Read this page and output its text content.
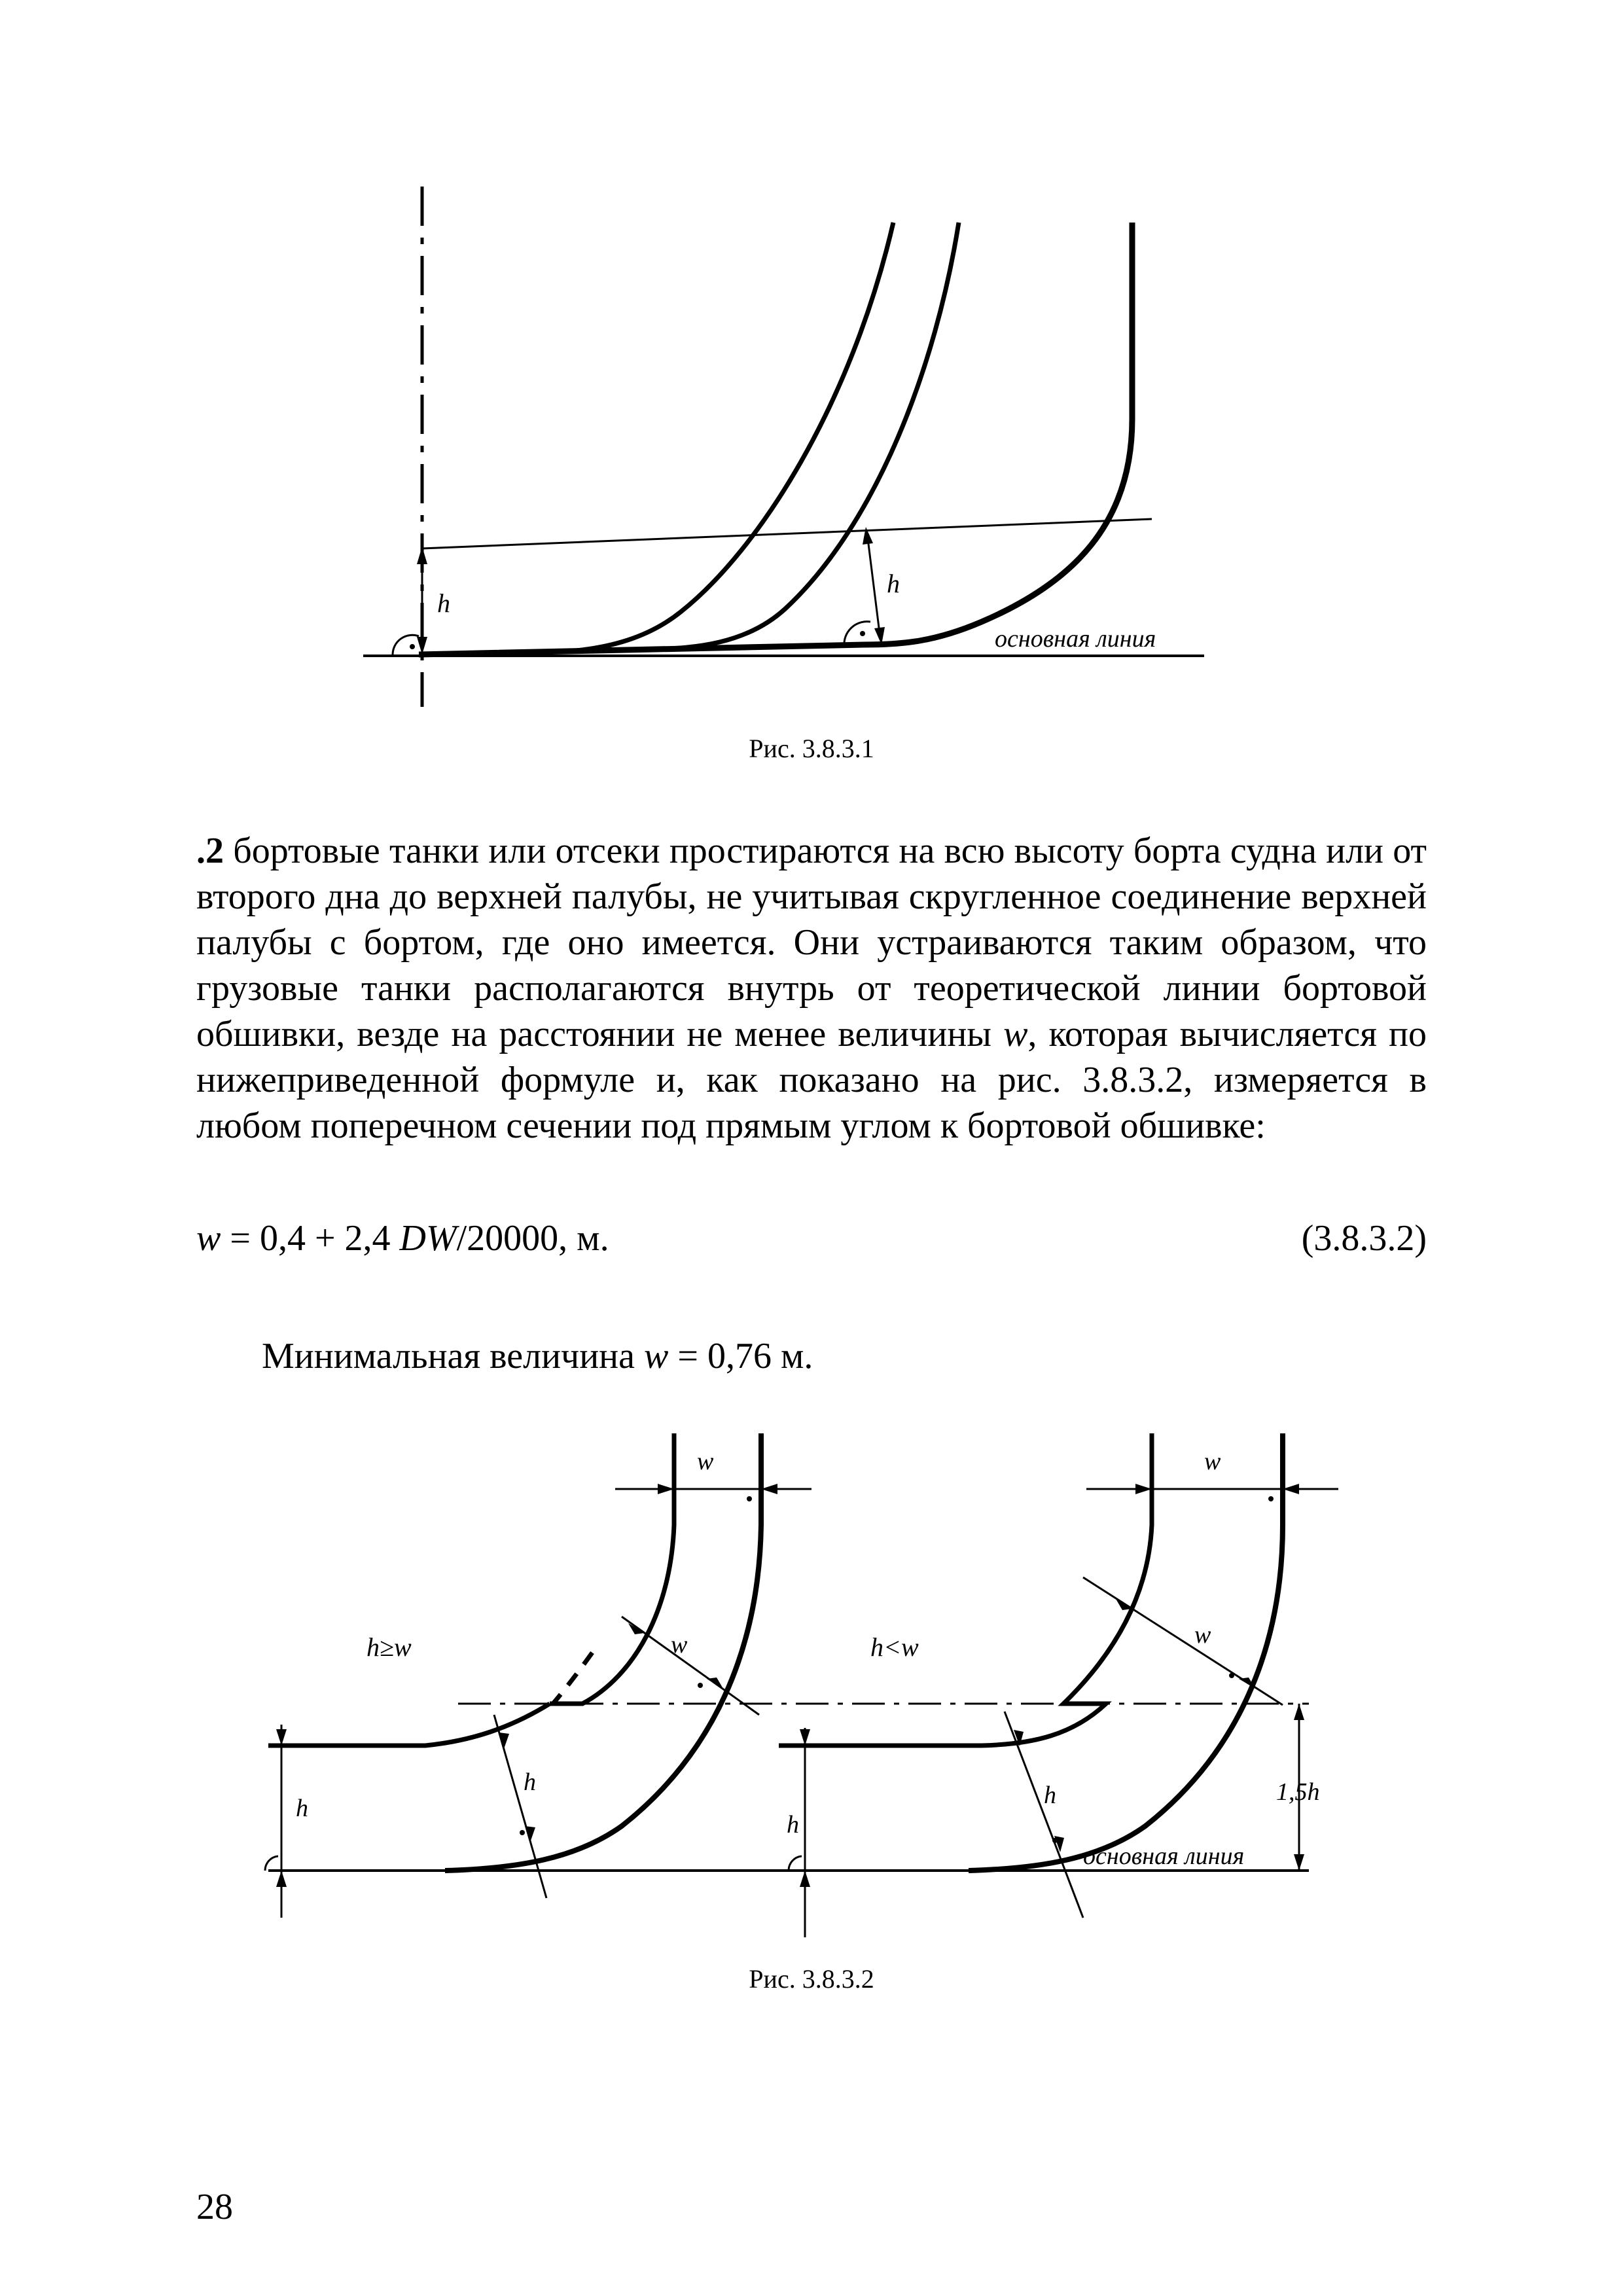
h
h
основная линия
Рис. 3.8.3.1
.2 бортовые танки или отсеки простираются на всю высоту борта судна или от второго дна до верхней палубы, не учитывая скругленное соединение верхней палубы с бортом, где оно имеется. Они устраиваются таким образом, что грузовые танки располагаются внутрь от теоретической линии бортовой обшивки, везде на расстоянии не менее величины w, которая вычисляется по нижеприведенной формуле и, как показано на рис. 3.8.3.2, измеряется в любом поперечном сечении под прямым углом к бортовой обшивке:
w = 0,4 + 2,4 DW/20000, м.	(3.8.3.2)
Минимальная величина w = 0,76 м.
w
w
h≥w
h
h
w
w
h<w
h
h	1,5h
основная линия
Рис. 3.8.3.2
28
